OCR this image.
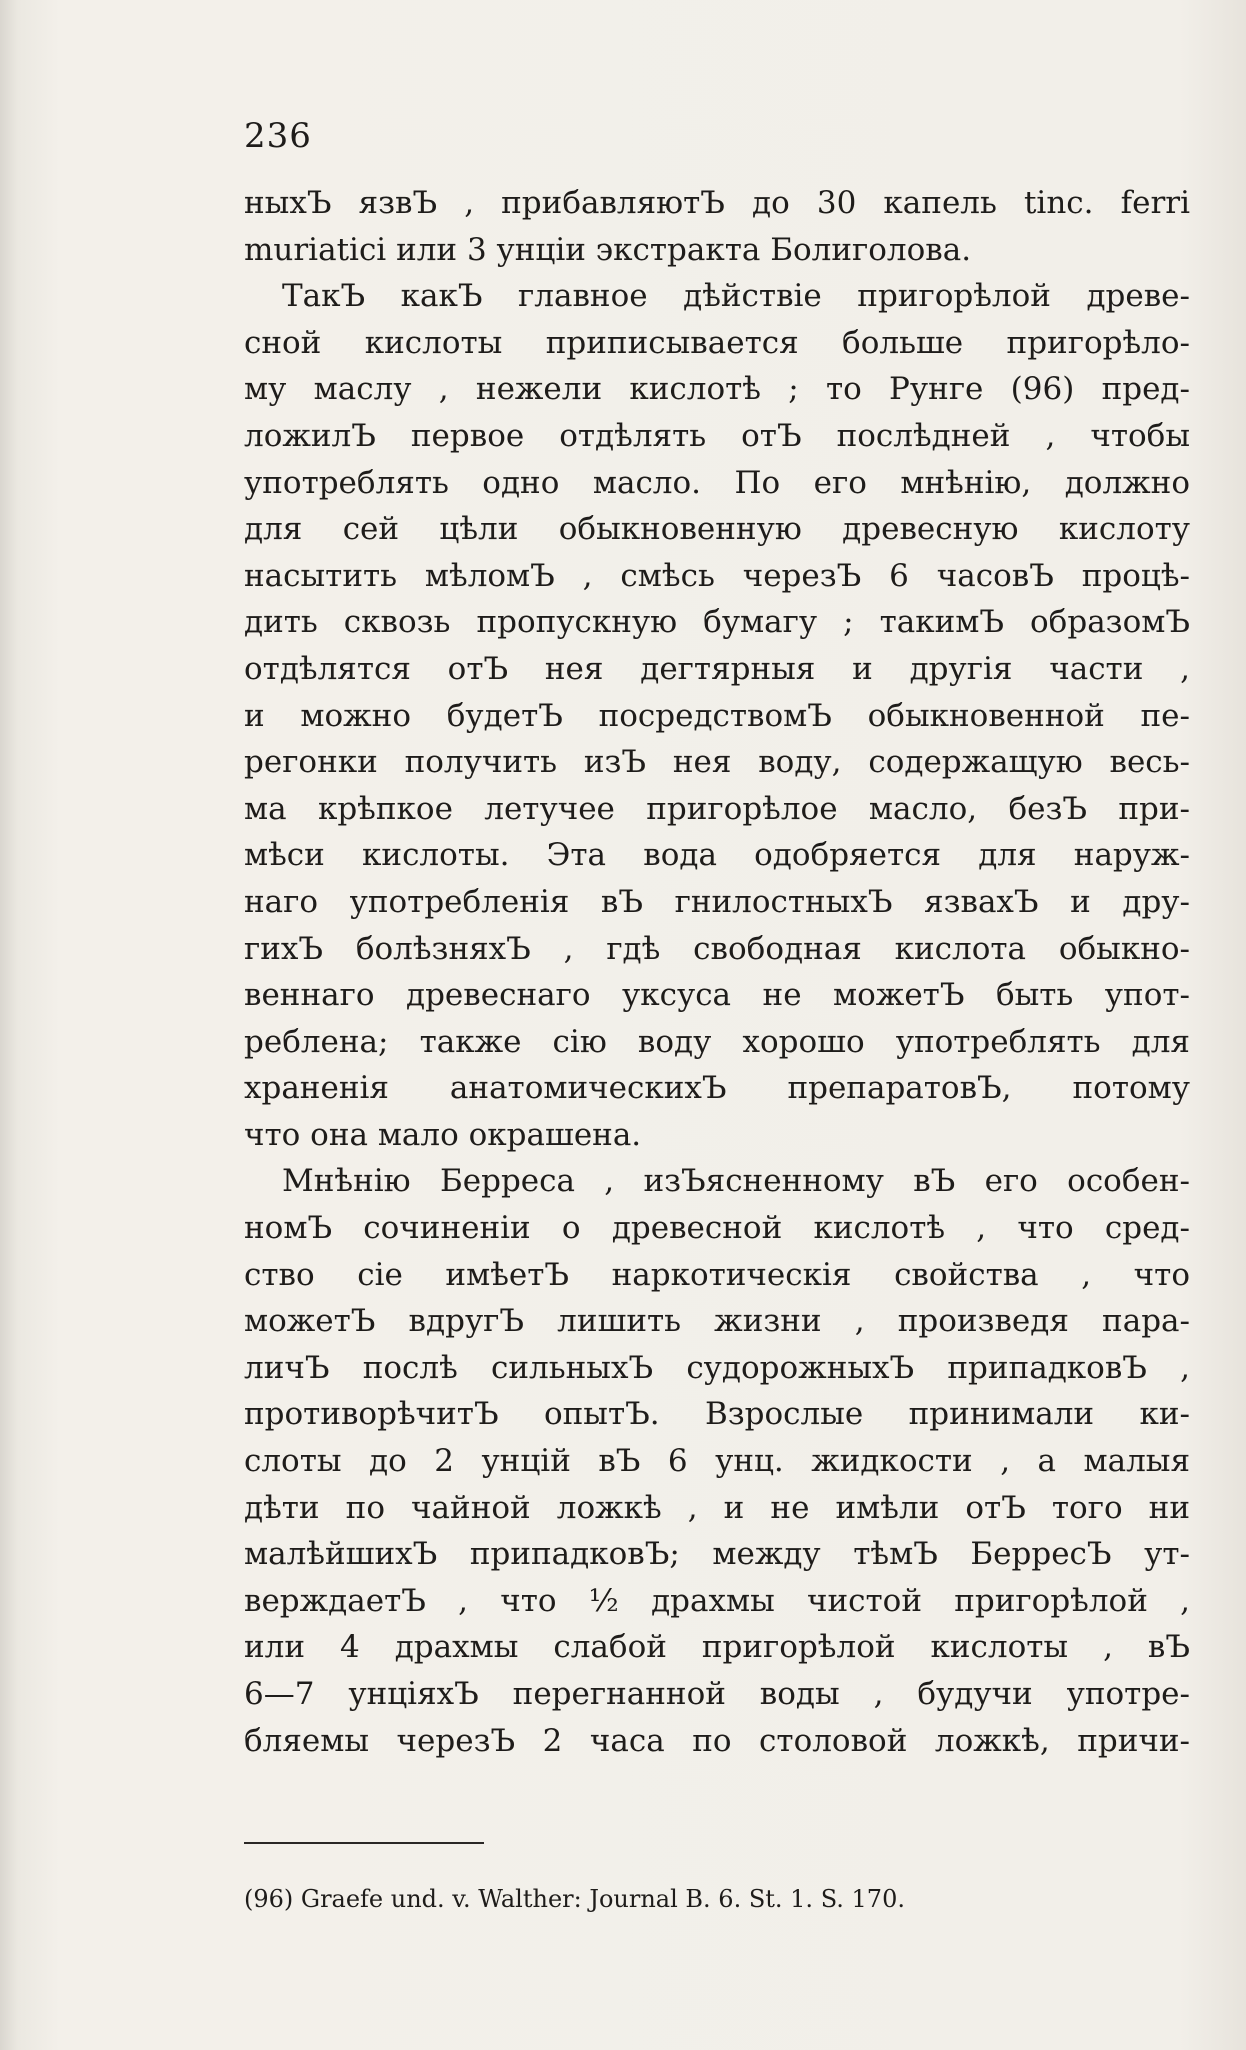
236
ныхЪ язвЪ , прибавляютЪ до 30 капель tinc. ferri
muriatici или 3 унціи экстракта Болиголова.
ТакЪ какЪ главное дѣйствіе пригорѣлой древе-
сной кислоты приписывается больше пригорѣло-
му маслу , нежели кислотѣ ; то Рунге (96) пред-
ложилЪ первое отдѣлять отЪ послѣдней , чтобы
употреблять одно масло. По его мнѣнію, должно
для сей цѣли обыкновенную древесную кислоту
насытить мѣломЪ , смѣсь черезЪ 6 часовЪ процѣ-
дить сквозь пропускную бумагу ; такимЪ образомЪ
отдѣлятся отЪ нея дегтярныя и другія части ,
и можно будетЪ посредствомЪ обыкновенной пе-
регонки получить изЪ нея воду, содержащую весь-
ма крѣпкое летучее пригорѣлое масло, безЪ при-
мѣси кислоты. Эта вода одобряется для наруж-
наго употребленія вЪ гнилостныхЪ язвахЪ и дру-
гихЪ болѣзняхЪ , гдѣ свободная кислота обыкно-
веннаго древеснаго уксуса не можетЪ быть упот-
реблена; также сію воду хорошо употреблять для
храненія анатомическихЪ препаратовЪ, потому
что она мало окрашена.
Мнѣнію Берреса , изЪясненному вЪ его особен-
номЪ сочиненіи о древесной кислотѣ , что сред-
ство сіе имѣетЪ наркотическія свойства , что
можетЪ вдругЪ лишить жизни , произведя пара-
личЪ послѣ сильныхЪ судорожныхЪ припадковЪ ,
противорѣчитЪ опытЪ. Взрослые принимали ки-
слоты до 2 унцій вЪ 6 унц. жидкости , а малыя
дѣти по чайной ложкѣ , и не имѣли отЪ того ни
малѣйшихЪ припадковЪ; между тѣмЪ БерресЪ ут-
верждаетЪ , что ½ драхмы чистой пригорѣлой ,
или 4 драхмы слабой пригорѣлой кислоты , вЪ
6—7 унціяхЪ перегнанной воды , будучи употре-
бляемы черезЪ 2 часа по столовой ложкѣ, причи-
(96) Graefe und. v. Walther: Journal B. 6. St. 1. S. 170.
